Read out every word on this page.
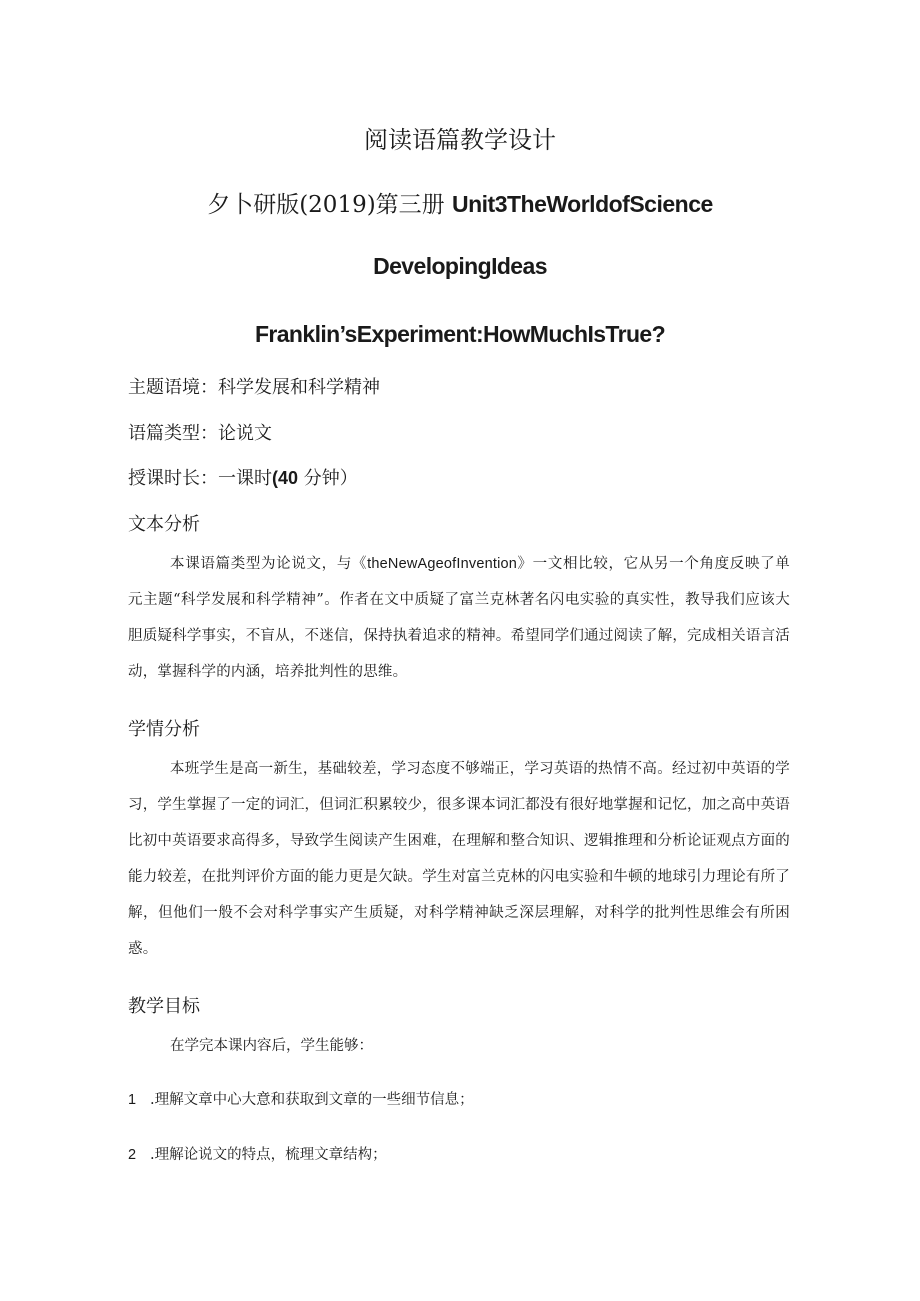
阅读语篇教学设计
夕卜研版(2019)第三册 Unit3TheWorldofScience
DevelopingIdeas
Franklin’sExperiment:HowMuchIsTrue?
主题语境：科学发展和科学精神
语篇类型：论说文
授课时长：一课时(40 分钟）
文本分析
本课语篇类型为论说文，与《theNewAgeofInvention》一文相比较，它从另一个角度反映了单元主题“科学发展和科学精神”。作者在文中质疑了富兰克林著名闪电实验的真实性，教导我们应该大胆质疑科学事实，不盲从，不迷信，保持执着追求的精神。希望同学们通过阅读了解，完成相关语言活动，掌握科学的内涵，培养批判性的思维。
学情分析
本班学生是高一新生，基础较差，学习态度不够端正，学习英语的热情不高。经过初中英语的学习，学生掌握了一定的词汇，但词汇积累较少，很多课本词汇都没有很好地掌握和记忆，加之高中英语比初中英语要求高得多，导致学生阅读产生困难，在理解和整合知识、逻辑推理和分析论证观点方面的能力较差，在批判评价方面的能力更是欠缺。学生对富兰克林的闪电实验和牛顿的地球引力理论有所了解，但他们一般不会对科学事实产生质疑，对科学精神缺乏深层理解，对科学的批判性思维会有所困惑。
教学目标
在学完本课内容后，学生能够：
1 .理解文章中心大意和获取到文章的一些细节信息；
2 .理解论说文的特点，梳理文章结构；
